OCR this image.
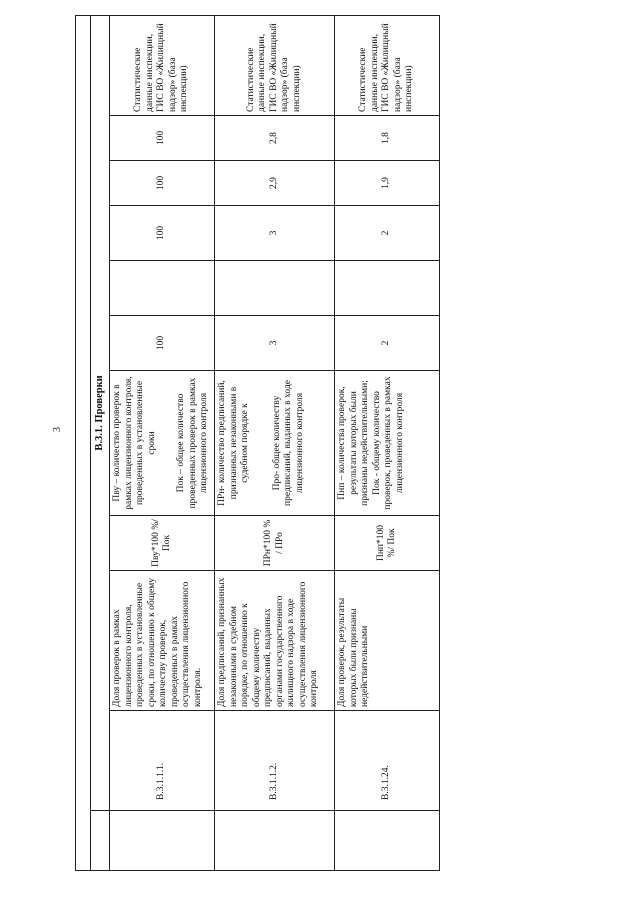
3

		В.3.1. Проверки									
	В.3.1.1.1.	Доля проверок в рамках лицензионного контроля, проведенных в установленные сроки, по отношению к общему количеству проверок, проведенных в рамках осуществления лицензионного контроля.	Пву*100 %/ Пок	Пву – количество проверок в рамках лицензионного контроля, проведенных в установленные сроки Пок – общее количество проведенных проверок в рамках лицензионного контроля	100		100	100	100	Статистические данные инспекции, ГИС ВО «Жилищный надзор» (база инспекции)
	В.3.1.1.2.	Доля предписаний, признанных незаконными в судебном порядке, по отношению к общему количеству предписаний, выданных органами государственного жилищного надзора в ходе осуществления лицензионного контроля	ПРн*100 % / ПРо	ПРн- количество предписаний, признанных незаконными в судебном порядке к Про- общее количеству предписаний, выданных в ходе лицензионного контроля	3		3	2,9	2,8	Статистические данные инспекции, ГИС ВО «Жилищный надзор» (база инспекции)
	В.3.1.24.	Доля проверок, результаты которых были признаны недействительными	Пнп*100 %/ Пок	Пнп – количества проверок, результаты которых были признаны недействительными; Пок - общему количество проверок, проведенных в рамках лицензионного контроля	2		2	1,9	1,8	Статистические данные инспекции, ГИС ВО «Жилищный надзор» (база инспекции)
